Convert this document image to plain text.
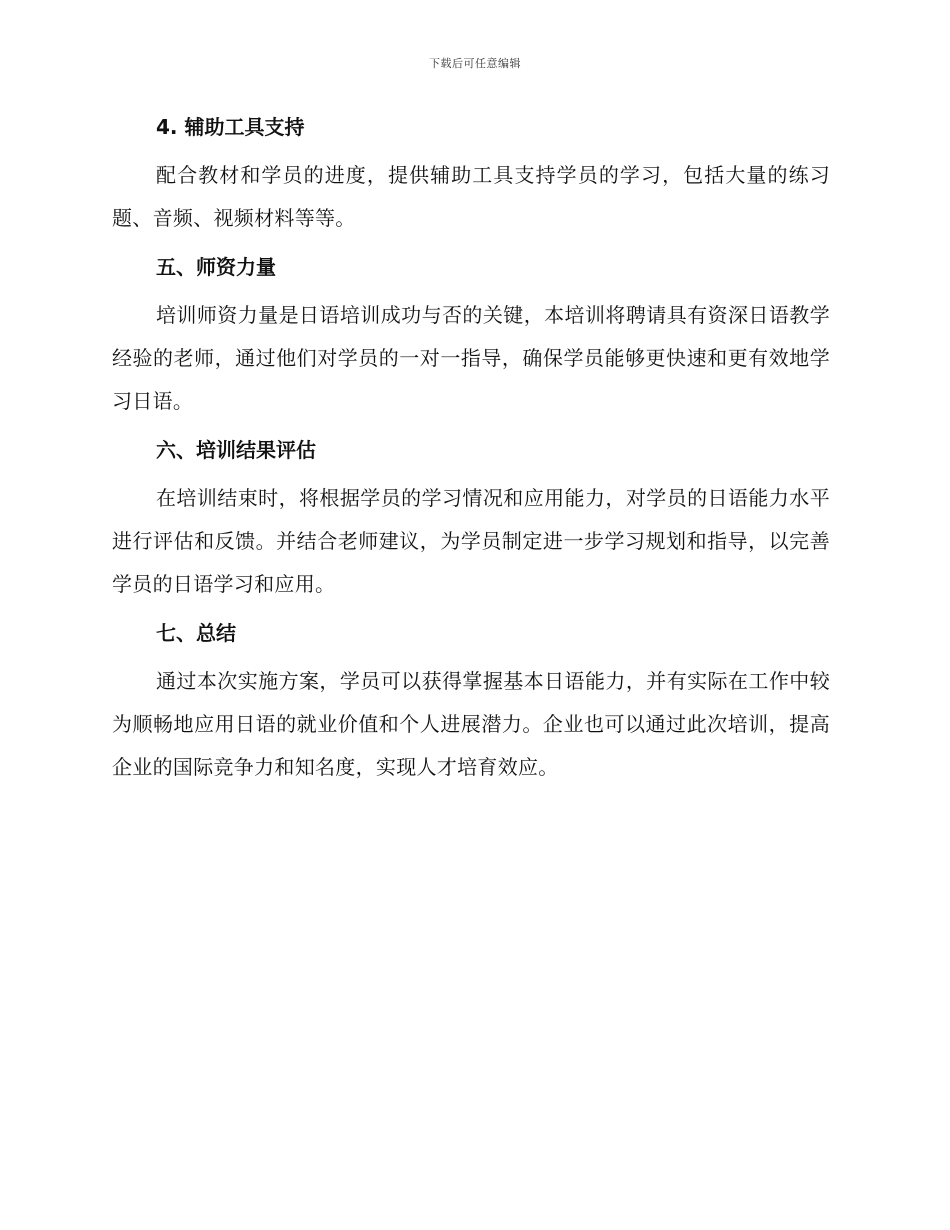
下载后可任意编辑
4. 辅助工具支持

配合教材和学员的进度，提供辅助工具支持学员的学习，包括大量的练习题、音频、视频材料等等。

五、师资力量

培训师资力量是日语培训成功与否的关键，本培训将聘请具有资深日语教学经验的老师，通过他们对学员的一对一指导，确保学员能够更快速和更有效地学习日语。

六、培训结果评估

在培训结束时，将根据学员的学习情况和应用能力，对学员的日语能力水平进行评估和反馈。并结合老师建议，为学员制定进一步学习规划和指导，以完善学员的日语学习和应用。

七、总结

通过本次实施方案，学员可以获得掌握基本日语能力，并有实际在工作中较为顺畅地应用日语的就业价值和个人进展潜力。企业也可以通过此次培训，提高企业的国际竞争力和知名度，实现人才培育效应。
